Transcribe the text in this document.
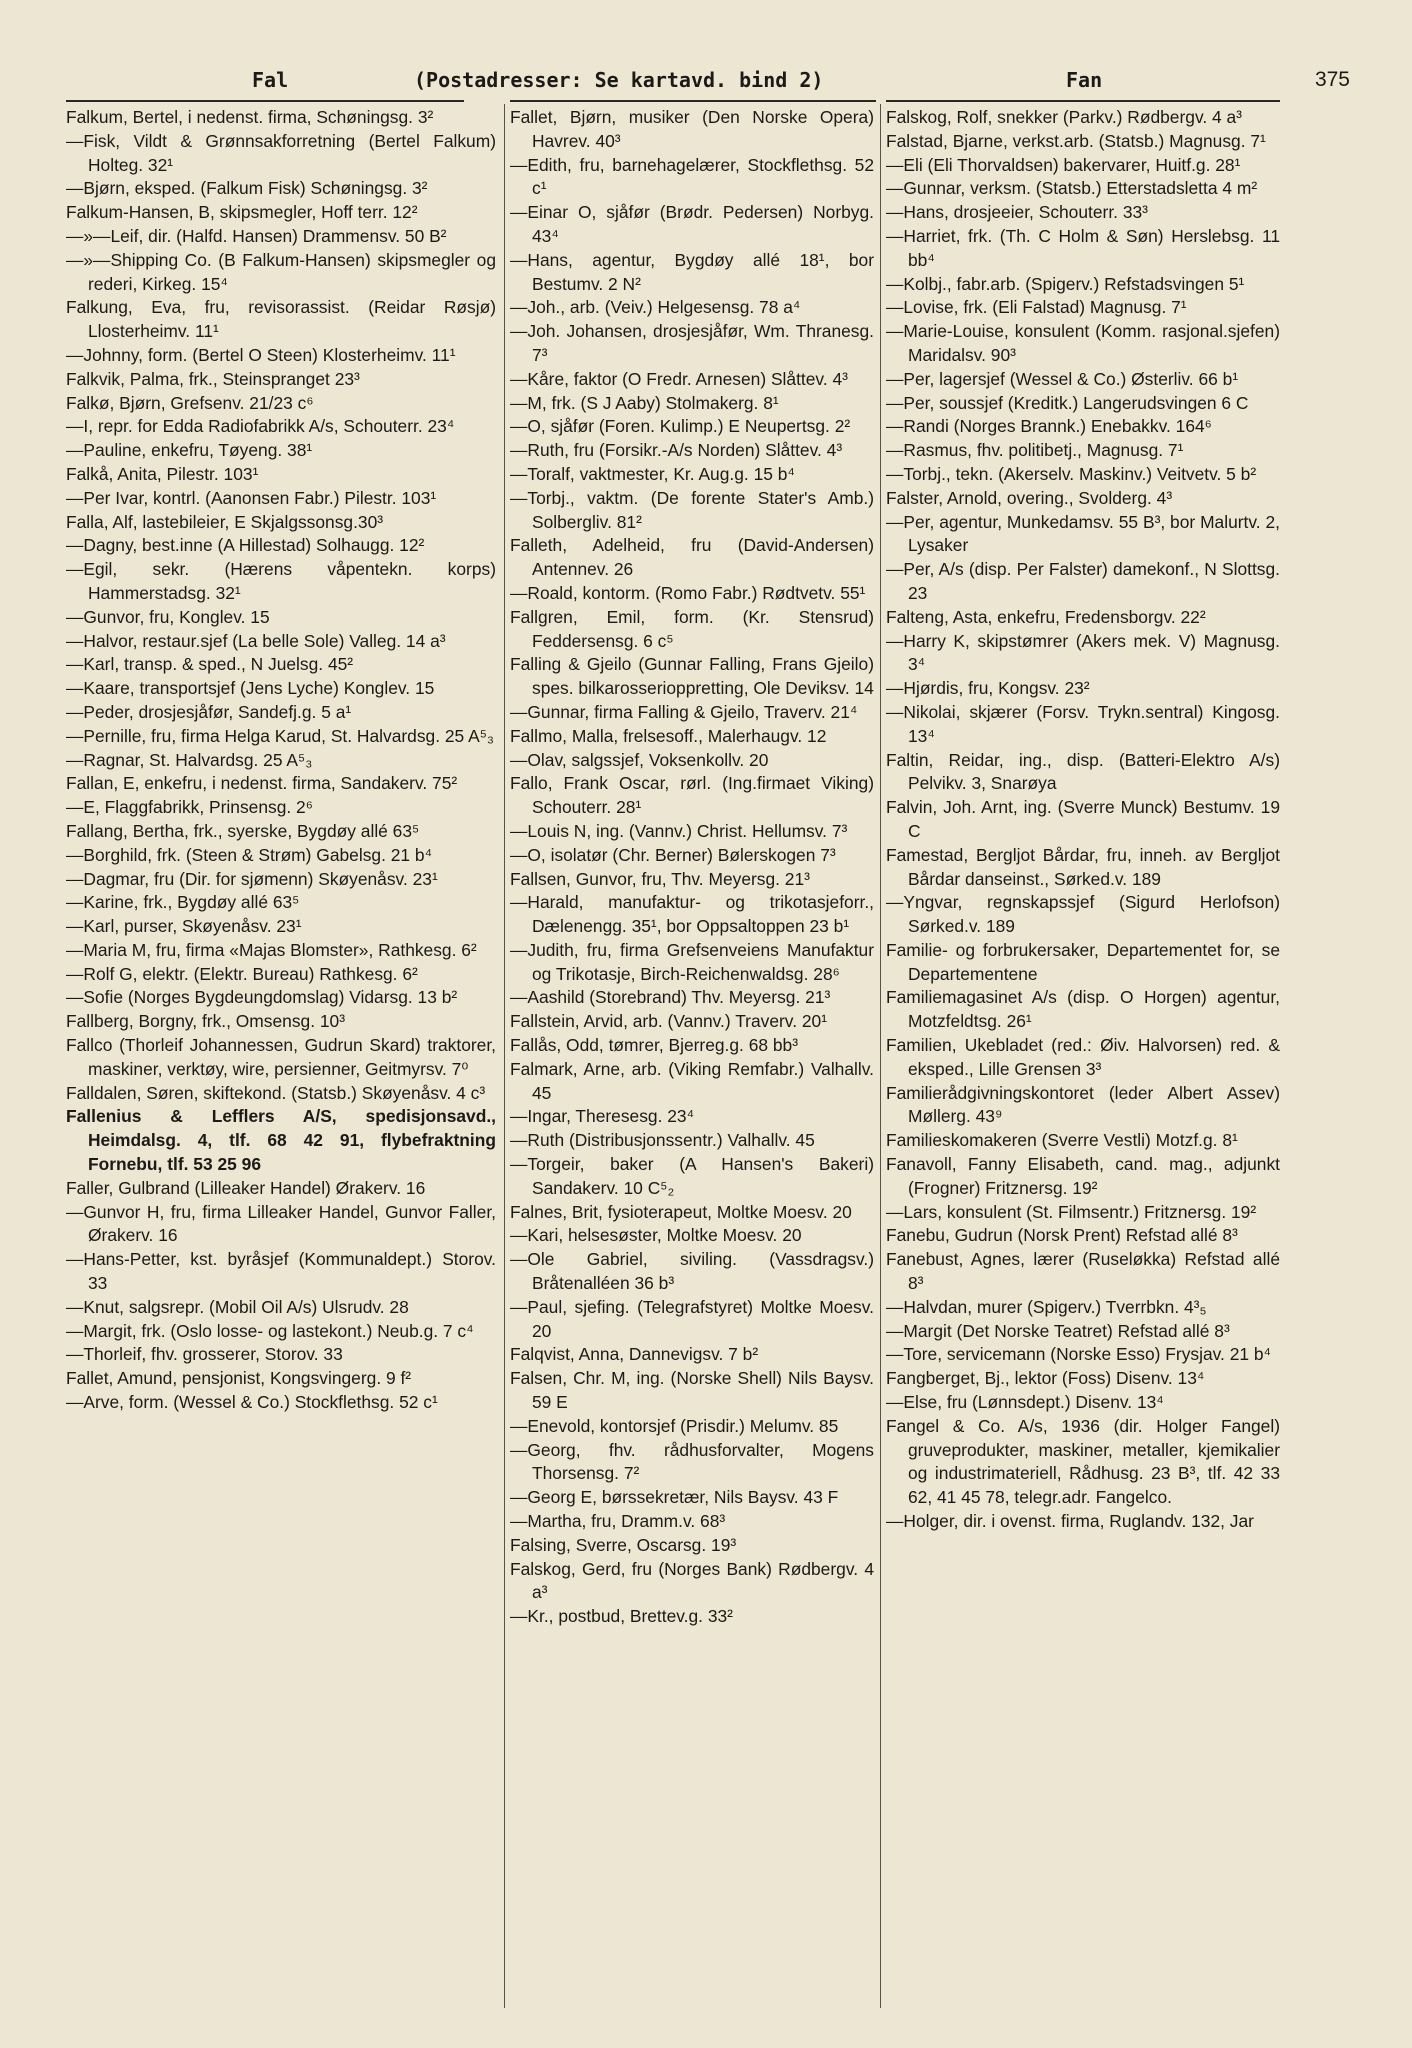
Fal	(Postadresser: Se kartavd. bind 2)	Fan	375

Falkum, Bertel, i nedenst. firma, Schøningsg. 3²

—Fisk, Vildt & Grønnsakforretning (Bertel Falkum) Holteg. 32¹

—Bjørn, eksped. (Falkum Fisk) Schøningsg. 3²

Falkum-Hansen, B, skipsmegler, Hoff terr. 12²

—»—Leif, dir. (Halfd. Hansen) Drammensv. 50 B²

—»—Shipping Co. (B Falkum-Hansen) skipsmegler og rederi, Kirkeg. 15⁴

Falkung, Eva, fru, revisorassist. (Reidar Røsjø) Llosterheimv. 11¹

—Johnny, form. (Bertel O Steen) Klosterheimv. 11¹

Falkvik, Palma, frk., Steinspranget 23³

Falkø, Bjørn, Grefsenv. 21/23 c⁶

—I, repr. for Edda Radiofabrikk A/s, Schouterr. 23⁴

—Pauline, enkefru, Tøyeng. 38¹

Falkå, Anita, Pilestr. 103¹

—Per Ivar, kontrl. (Aanonsen Fabr.) Pilestr. 103¹

Falla, Alf, lastebileier, E Skjalgssonsg.30³

—Dagny, best.inne (A Hillestad) Solhaugg. 12²

—Egil, sekr. (Hærens våpentekn. korps) Hammerstadsg. 32¹

—Gunvor, fru, Konglev. 15

—Halvor, restaur.sjef (La belle Sole) Valleg. 14 a³

—Karl, transp. & sped., N Juelsg. 45²

—Kaare, transportsjef (Jens Lyche) Konglev. 15

—Peder, drosjesjåfør, Sandefj.g. 5 a¹

—Pernille, fru, firma Helga Karud, St. Halvardsg. 25 A⁵₃

—Ragnar, St. Halvardsg. 25 A⁵₃

Fallan, E, enkefru, i nedenst. firma, Sandakerv. 75²

—E, Flaggfabrikk, Prinsensg. 2⁶

Fallang, Bertha, frk., syerske, Bygdøy allé 63⁵

—Borghild, frk. (Steen & Strøm) Gabelsg. 21 b⁴

—Dagmar, fru (Dir. for sjømenn) Skøyenåsv. 23¹

—Karine, frk., Bygdøy allé 63⁵

—Karl, purser, Skøyenåsv. 23¹

—Maria M, fru, firma «Majas Blomster», Rathkesg. 6²

—Rolf G, elektr. (Elektr. Bureau) Rathkesg. 6²

—Sofie (Norges Bygdeungdomslag) Vidarsg. 13 b²

Fallberg, Borgny, frk., Omsensg. 10³

Fallco (Thorleif Johannessen, Gudrun Skard) traktorer, maskiner, verktøy, wire, persienner, Geitmyrsv. 7⁰

Falldalen, Søren, skiftekond. (Statsb.) Skøyenåsv. 4 c³

Fallenius & Lefflers A/S, spedisjonsavd., Heimdalsg. 4, tlf. 68 42 91, flybefraktning Fornebu, tlf. 53 25 96

Faller, Gulbrand (Lilleaker Handel) Ørakerv. 16

—Gunvor H, fru, firma Lilleaker Handel, Gunvor Faller, Ørakerv. 16

—Hans-Petter, kst. byråsjef (Kommunaldept.) Storov. 33

—Knut, salgsrepr. (Mobil Oil A/s) Ulsrudv. 28

—Margit, frk. (Oslo losse- og lastekont.) Neub.g. 7 c⁴

—Thorleif, fhv. grosserer, Storov. 33

Fallet, Amund, pensjonist, Kongsvingerg. 9 f²

—Arve, form. (Wessel & Co.) Stockflethsg. 52 c¹

Fallet, Bjørn, musiker (Den Norske Opera) Havrev. 40³

—Edith, fru, barnehagelærer, Stockflethsg. 52 c¹

—Einar O, sjåfør (Brødr. Pedersen) Norbyg. 43⁴

—Hans, agentur, Bygdøy allé 18¹, bor Bestumv. 2 N²

—Joh., arb. (Veiv.) Helgesensg. 78 a⁴

—Joh. Johansen, drosjesjåfør, Wm. Thranesg. 7³

—Kåre, faktor (O Fredr. Arnesen) Slåttev. 4³

—M, frk. (S J Aaby) Stolmakerg. 8¹

—O, sjåfør (Foren. Kulimp.) E Neupertsg. 2²

—Ruth, fru (Forsikr.-A/s Norden) Slåttev. 4³

—Toralf, vaktmester, Kr. Aug.g. 15 b⁴

—Torbj., vaktm. (De forente Stater's Amb.) Solbergliv. 81²

Falleth, Adelheid, fru (David-Andersen) Antennev. 26

—Roald, kontorm. (Romo Fabr.) Rødtvetv. 55¹

Fallgren, Emil, form. (Kr. Stensrud) Feddersensg. 6 c⁵

Falling & Gjeilo (Gunnar Falling, Frans Gjeilo) spes. bilkarosserioppretting, Ole Deviksv. 14

—Gunnar, firma Falling & Gjeilo, Traverv. 21⁴

Fallmo, Malla, frelsesoff., Malerhaugv. 12

—Olav, salgssjef, Voksenkollv. 20

Fallo, Frank Oscar, rørl. (Ing.firmaet Viking) Schouterr. 28¹

—Louis N, ing. (Vannv.) Christ. Hellumsv. 7³

—O, isolatør (Chr. Berner) Bølerskogen 7³

Fallsen, Gunvor, fru, Thv. Meyersg. 21³

—Harald, manufaktur- og trikotasjeforr., Dælenengg. 35¹, bor Oppsaltoppen 23 b¹

—Judith, fru, firma Grefsenveiens Manufaktur og Trikotasje, Birch-Reichenwaldsg. 28⁶

—Aashild (Storebrand) Thv. Meyersg. 21³

Fallstein, Arvid, arb. (Vannv.) Traverv. 20¹

Fallås, Odd, tømrer, Bjerreg.g. 68 bb³

Falmark, Arne, arb. (Viking Remfabr.) Valhallv. 45

—Ingar, Theresesg. 23⁴

—Ruth (Distribusjonssentr.) Valhallv. 45

—Torgeir, baker (A Hansen's Bakeri) Sandakerv. 10 C⁵₂

Falnes, Brit, fysioterapeut, Moltke Moesv. 20

—Kari, helsesøster, Moltke Moesv. 20

—Ole Gabriel, siviling. (Vassdragsv.) Bråtenalléen 36 b³

—Paul, sjefing. (Telegrafstyret) Moltke Moesv. 20

Falqvist, Anna, Dannevigsv. 7 b²

Falsen, Chr. M, ing. (Norske Shell) Nils Baysv. 59 E

—Enevold, kontorsjef (Prisdir.) Melumv. 85

—Georg, fhv. rådhusforvalter, Mogens Thorsensg. 7²

—Georg E, børssekretær, Nils Baysv. 43 F

—Martha, fru, Dramm.v. 68³

Falsing, Sverre, Oscarsg. 19³

Falskog, Gerd, fru (Norges Bank) Rødbergv. 4 a³

—Kr., postbud, Brettev.g. 33²

Falskog, Rolf, snekker (Parkv.) Rødbergv. 4 a³

Falstad, Bjarne, verkst.arb. (Statsb.) Magnusg. 7¹

—Eli (Eli Thorvaldsen) bakervarer, Huitf.g. 28¹

—Gunnar, verksm. (Statsb.) Etterstadsletta 4 m²

—Hans, drosjeeier, Schouterr. 33³

—Harriet, frk. (Th. C Holm & Søn) Herslebsg. 11 bb⁴

—Kolbj., fabr.arb. (Spigerv.) Refstadsvingen 5¹

—Lovise, frk. (Eli Falstad) Magnusg. 7¹

—Marie-Louise, konsulent (Komm. rasjonal.sjefen) Maridalsv. 90³

—Per, lagersjef (Wessel & Co.) Østerliv. 66 b¹

—Per, soussjef (Kreditk.) Langerudsvingen 6 C

—Randi (Norges Brannk.) Enebakkv. 164⁶

—Rasmus, fhv. politibetj., Magnusg. 7¹

—Torbj., tekn. (Akerselv. Maskinv.) Veitvetv. 5 b²

Falster, Arnold, overing., Svolderg. 4³

—Per, agentur, Munkedamsv. 55 B³, bor Malurtv. 2, Lysaker

—Per, A/s (disp. Per Falster) damekonf., N Slottsg. 23

Falteng, Asta, enkefru, Fredensborgv. 22²

—Harry K, skipstømrer (Akers mek. V) Magnusg. 3⁴

—Hjørdis, fru, Kongsv. 23²

—Nikolai, skjærer (Forsv. Trykn.sentral) Kingosg. 13⁴

Faltin, Reidar, ing., disp. (Batteri-Elektro A/s) Pelvikv. 3, Snarøya

Falvin, Joh. Arnt, ing. (Sverre Munck) Bestumv. 19 C

Famestad, Bergljot Bårdar, fru, inneh. av Bergljot Bårdar danseinst., Sørked.v. 189

—Yngvar, regnskapssjef (Sigurd Herlofson) Sørked.v. 189

Familie- og forbrukersaker, Departementet for, se Departementene

Familiemagasinet A/s (disp. O Horgen) agentur, Motzfeldtsg. 26¹

Familien, Ukebladet (red.: Øiv. Halvorsen) red. & eksped., Lille Grensen 3³

Familierådgivningskontoret (leder Albert Assev) Møllerg. 43⁹

Familieskomakeren (Sverre Vestli) Motzf.g. 8¹

Fanavoll, Fanny Elisabeth, cand. mag., adjunkt (Frogner) Fritznersg. 19²

—Lars, konsulent (St. Filmsentr.) Fritznersg. 19²

Fanebu, Gudrun (Norsk Prent) Refstad allé 8³

Fanebust, Agnes, lærer (Ruseløkka) Refstad allé 8³

—Halvdan, murer (Spigerv.) Tverrbkn. 4³₅

—Margit (Det Norske Teatret) Refstad allé 8³

—Tore, servicemann (Norske Esso) Frysjav. 21 b⁴

Fangberget, Bj., lektor (Foss) Disenv. 13⁴

—Else, fru (Lønnsdept.) Disenv. 13⁴

Fangel & Co. A/s, 1936 (dir. Holger Fangel) gruveprodukter, maskiner, metaller, kjemikalier og industrimateriell, Rådhusg. 23 B³, tlf. 42 33 62, 41 45 78, telegr.adr. Fangelco.

—Holger, dir. i ovenst. firma, Ruglandv. 132, Jar
